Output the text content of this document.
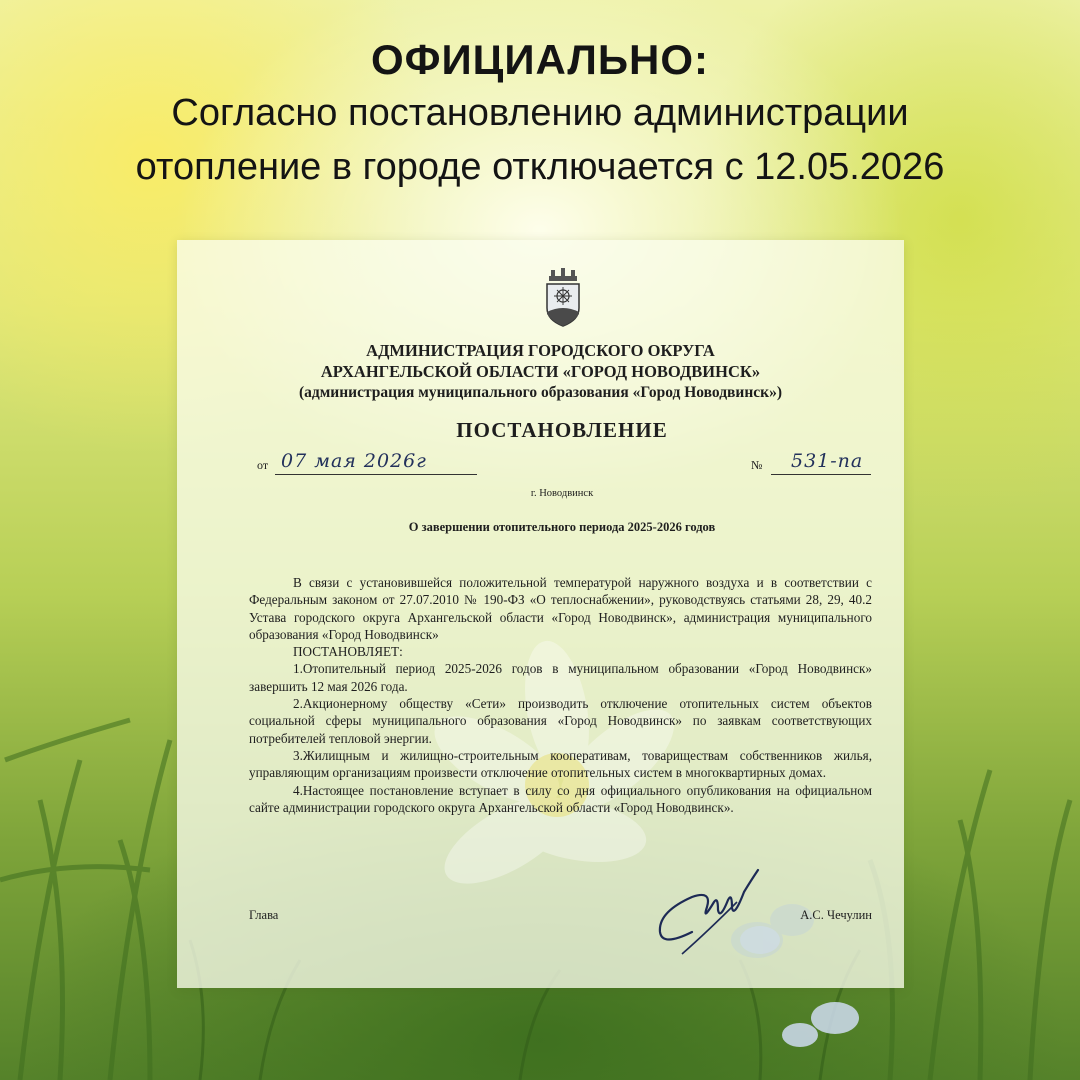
ОФИЦИАЛЬНО:
Согласно постановлению администрации
отопление в городе отключается с 12.05.2026
АДМИНИСТРАЦИЯ ГОРОДСКОГО ОКРУГА
АРХАНГЕЛЬСКОЙ ОБЛАСТИ «ГОРОД НОВОДВИНСК»
(администрация муниципального образования «Город Новодвинск»)
ПОСТАНОВЛЕНИЕ
от 07 мая 2026г	№ 531-па
г. Новодвинск
О завершении отопительного периода 2025-2026 годов

В связи с установившейся положительной температурой наружного воздуха и в соответствии с Федеральным законом от 27.07.2010 № 190-ФЗ «О теплоснабжении», руководствуясь статьями 28, 29, 40.2 Устава городского округа Архангельской области «Город Новодвинск», администрация муниципального образования «Город Новодвинск»

ПОСТАНОВЛЯЕТ:

1.Отопительный период 2025-2026 годов в муниципальном образовании «Город Новодвинск» завершить 12 мая 2026 года.

2.Акционерному обществу «Сети» производить отключение отопительных систем объектов социальной сферы муниципального образования «Город Новодвинск» по заявкам соответствующих потребителей тепловой энергии.

3.Жилищным и жилищно-строительным кооперативам, товариществам собственников жилья, управляющим организациям произвести отключение отопительных систем в многоквартирных домах.

4.Настоящее постановление вступает в силу со дня официального опубликования на официальном сайте администрации городского округа Архангельской области «Город Новодвинск».

Глава	А.С. Чечулин
